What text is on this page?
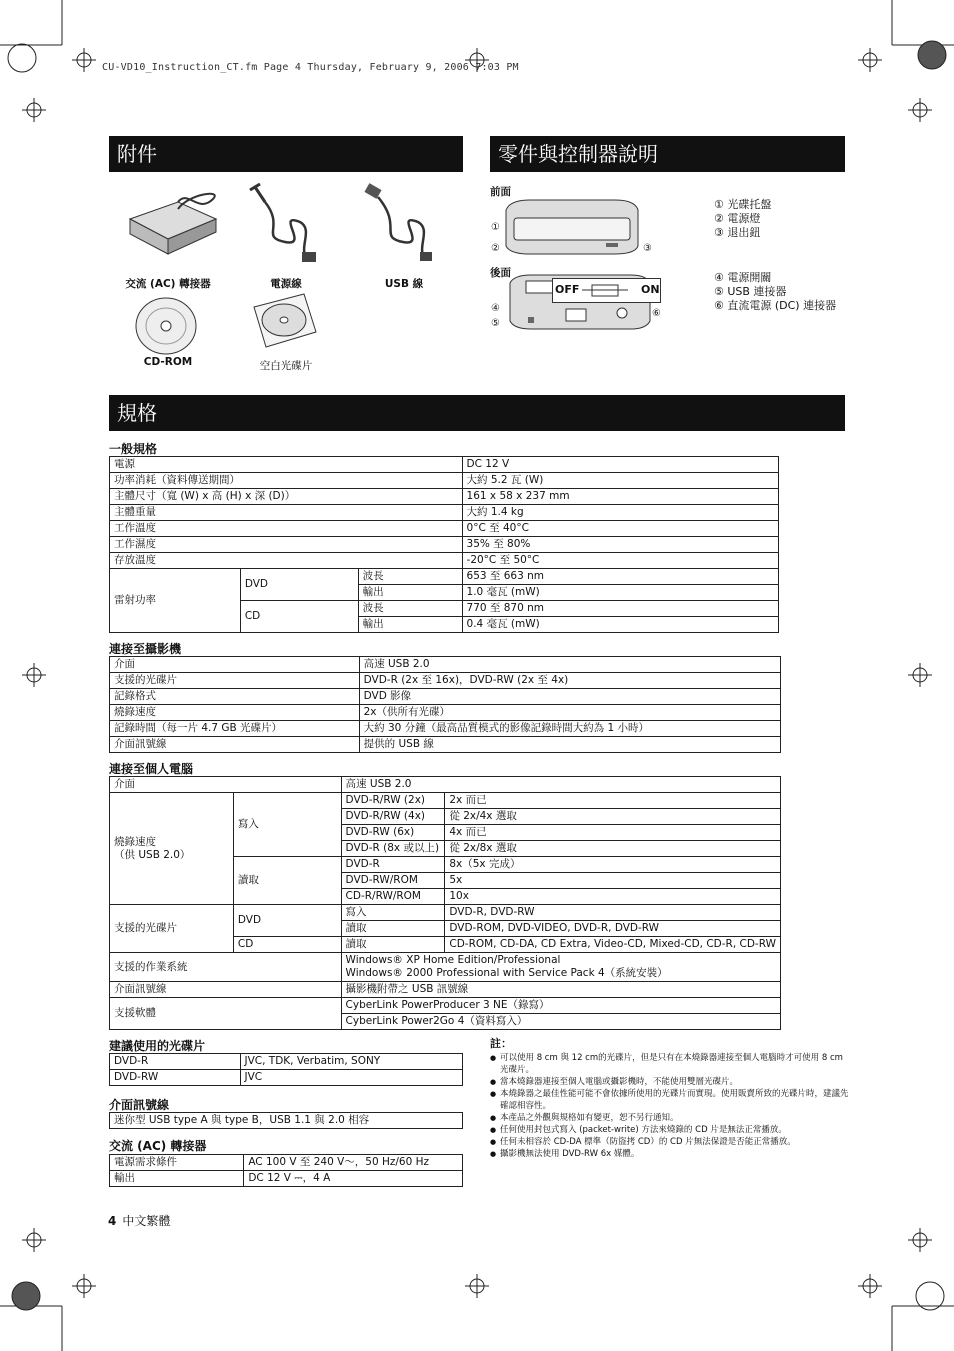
CU-VD10_Instruction_CT.fm Page 4 Thursday, February 9, 2006 7:03 PM
附件	零件與控制器說明
規格
交流 (AC) 轉接器	電源線	USB 線
CD-ROM	空白光碟片
前面
後面
OFF	ON
①
②	③
④
⑤
⑥
① 光碟托盤
② 電源燈
③ 退出鈕
④ 電源開關
⑤ USB 連接器
⑥ 直流電源 (DC) 連接器
一般規格
電源			DC 12 V
功率消耗（資料傳送期間）			大約 5.2 瓦 (W)
主體尺寸（寬 (W) x 高 (H) x 深 (D)）			161 x 58 x 237 mm
主體重量			大約 1.4 kg
工作溫度			0°C 至 40°C
工作濕度			35% 至 80%
存放溫度			-20°C 至 50°C
雷射功率	DVD	波長	653 至 663 nm
		輸出	1.0 毫瓦 (mW)
	CD	波長	770 至 870 nm
		輸出	0.4 毫瓦 (mW)
連接至攝影機
介面	高速 USB 2.0
支援的光碟片	DVD-R (2x 至 16x)，DVD-RW (2x 至 4x)
記錄格式	DVD 影像
燒錄速度	2x（供所有光碟）
記錄時間（每一片 4.7 GB 光碟片）	大約 30 分鐘（最高品質模式的影像記錄時間大約為 1 小時）
介面訊號線	提供的 USB 線
連接至個人電腦
介面		高速 USB 2.0	
燒錄速度
（供 USB 2.0）	寫入	DVD-R/RW (2x)	2x 而已
		DVD-R/RW (4x)	從 2x/4x 選取
		DVD-RW (6x)	4x 而已
		DVD-R (8x 或以上)	從 2x/8x 選取
	讀取	DVD-R	8x（5x 完成）
		DVD-RW/ROM	5x
		CD-R/RW/ROM	10x
支援的光碟片	DVD	寫入	DVD-R, DVD-RW
		讀取	DVD-ROM, DVD-VIDEO, DVD-R, DVD-RW
	CD	讀取	CD-ROM, CD-DA, CD Extra, Video-CD, Mixed-CD, CD-R, CD-RW
支援的作業系統		Windows® XP Home Edition/Professional
Windows® 2000 Professional with Service Pack 4（系統安裝）	

介面訊號線		攝影機附帶之 USB 訊號線	
支援軟體		CyberLink PowerProducer 3 NE（錄寫）	
		CyberLink Power2Go 4（資料寫入）	
建議使用的光碟片
DVD-R	JVC, TDK, Verbatim, SONY
DVD-RW	JVC
介面訊號線
迷你型 USB type A 與 type B，USB 1.1 與 2.0 相容
交流 (AC) 轉接器
電源需求條件	AC 100 V 至 240 V～，50 Hz/60 Hz
輸出	DC 12 V ⎓，4 A
註：
● 可以使用 8 cm 與 12 cm的光碟片，但是只有在本燒錄器連接至個人電腦時才可使用 8 cm 光碟片。
● 當本燒錄器連接至個人電腦或攝影機時，不能使用雙層光碟片。
● 本燒錄器之最佳性能可能不會依據所使用的光碟片而實現。使用販賣所致的光碟片時，建議先確認相容性。
● 本產品之外觀與規格如有變更，恕不另行通知。
● 任何使用封包式寫入 (packet-write) 方法來燒錄的 CD 片是無法正常播放。
● 任何未相容於 CD-DA 標準（防盜拷 CD）的 CD 片無法保證是否能正常播放。
● 攝影機無法使用 DVD-RW 6x 媒體。
4 中文繁體
